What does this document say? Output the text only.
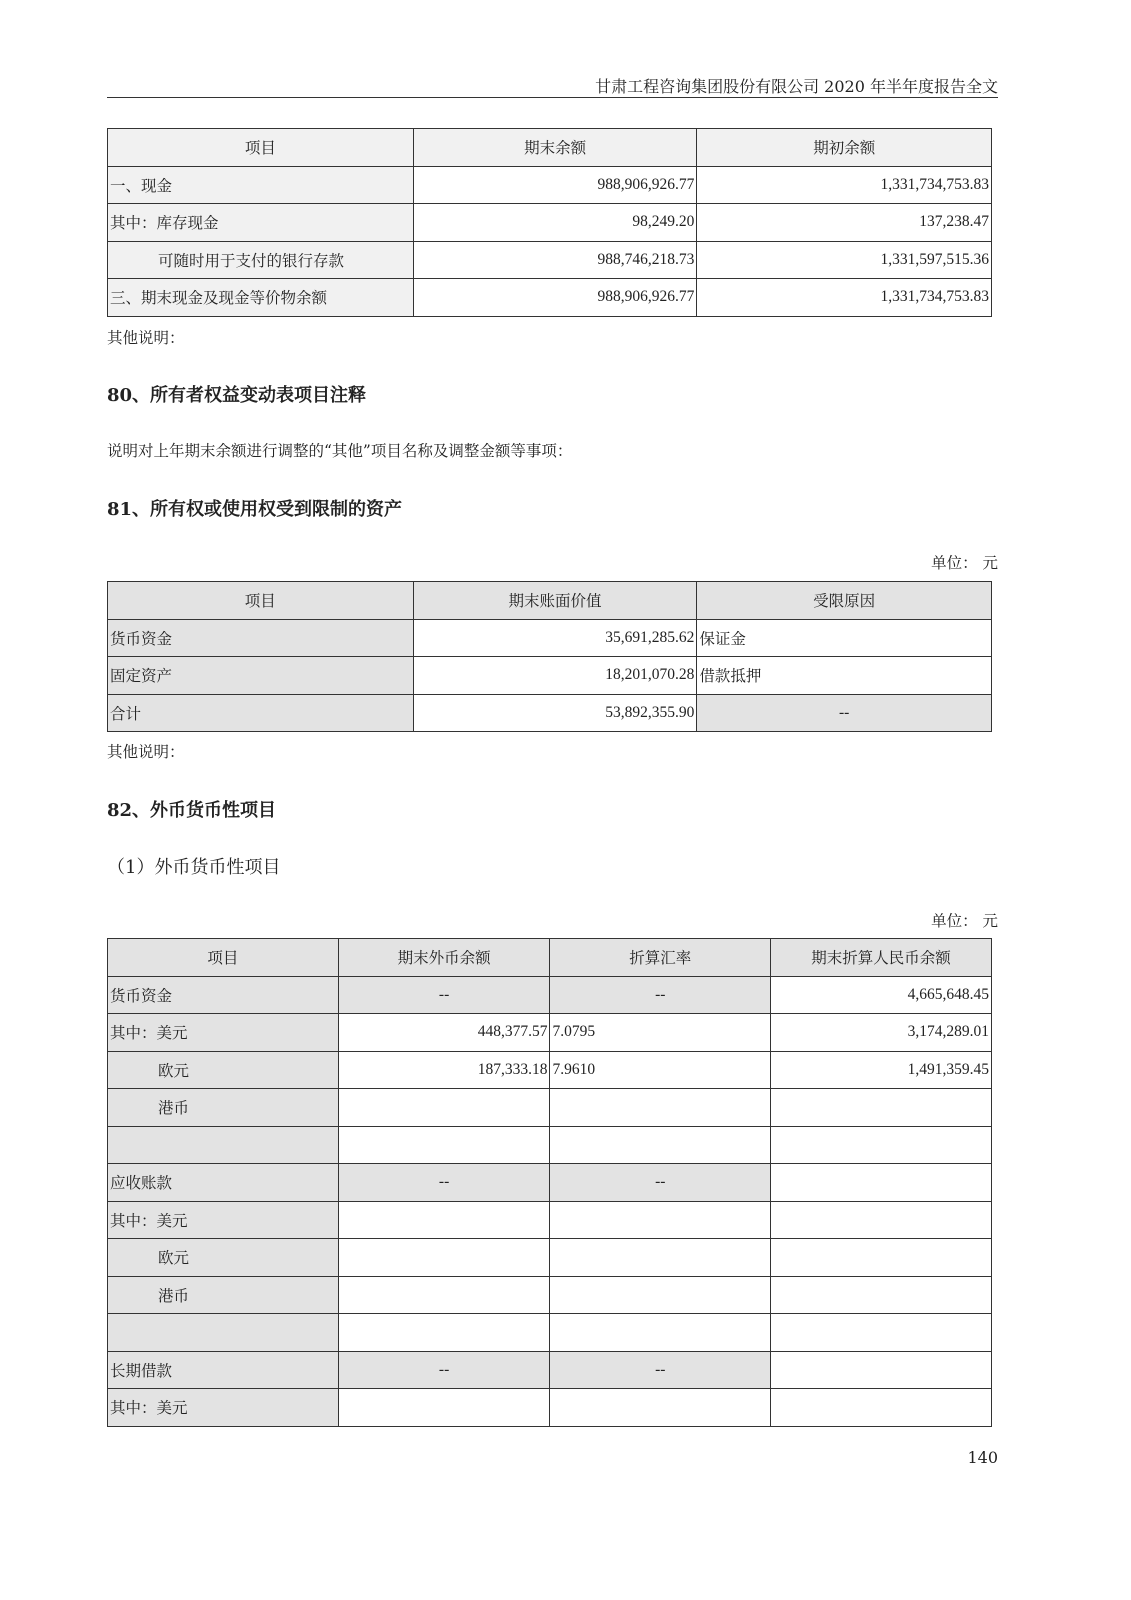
甘肃工程咨询集团股份有限公司 2020 年半年度报告全文
项目	期末余额	期初余额
一、现金	988,906,926.77	1,331,734,753.83
其中：库存现金	98,249.20	137,238.47
可随时用于支付的银行存款	988,746,218.73	1,331,597,515.36
三、期末现金及现金等价物余额	988,906,926.77	1,331,734,753.83
其他说明：
80、所有者权益变动表项目注释
说明对上年期末余额进行调整的“其他”项目名称及调整金额等事项：
81、所有权或使用权受到限制的资产
单位： 元
项目	期末账面价值	受限原因
货币资金	35,691,285.62	保证金
固定资产	18,201,070.28	借款抵押
合计	53,892,355.90	--
其他说明：
82、外币货币性项目
（1）外币货币性项目
单位： 元
项目	期末外币余额	折算汇率	期末折算人民币余额
货币资金	--	--	4,665,648.45
其中：美元	448,377.57	7.0795	3,174,289.01
欧元	187,333.18	7.9610	1,491,359.45
港币			

应收账款	--	--	
其中：美元			
欧元			
港币			

长期借款	--	--	
其中：美元			
140
